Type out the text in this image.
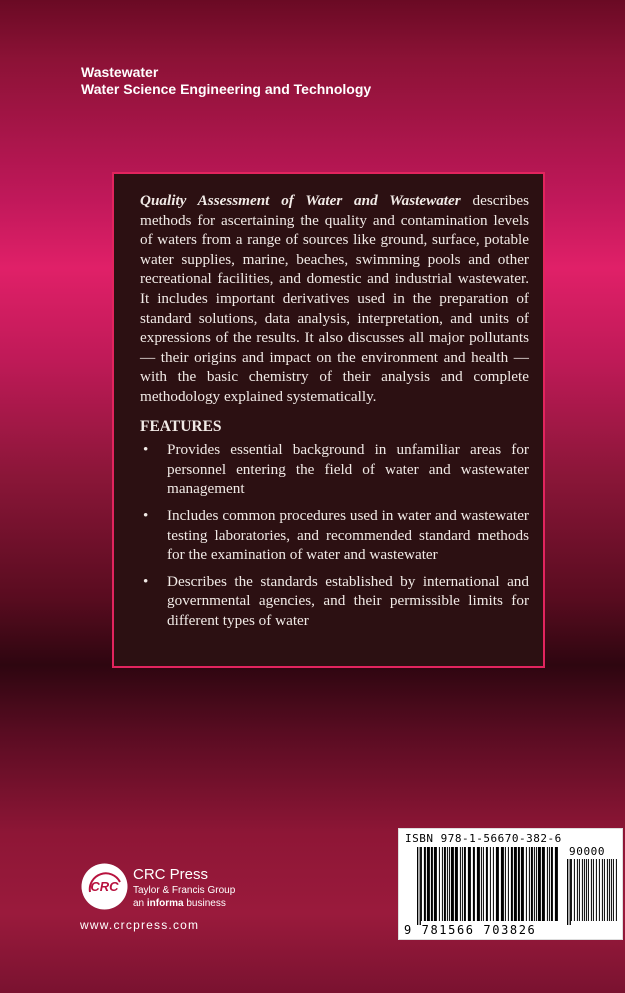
Wastewater
Water Science Engineering and Technology

Quality Assessment of Water and Wastewater describes methods for ascertaining the quality and contamination levels of waters from a range of sources like ground, surface, potable water supplies, marine, beaches, swimming pools and other recreational facilities, and domestic and industrial wastewater. It includes important derivatives used in the preparation of standard solutions, data analysis, interpretation, and units of expressions of the results. It also discusses all major pollutants — their origins and impact on the environment and health — with the basic chemistry of their analysis and complete methodology explained systematically.

FEATURES
• Provides essential background in unfamiliar areas for personnel entering the field of water and wastewater management
• Includes common procedures used in water and wastewater testing laboratories, and recommended standard methods for the examination of water and wastewater
• Describes the standards established by international and governmental agencies, and their permissible limits for different types of water
CRC
CRC Press
Taylor & Francis Group
an informa business
www.crcpress.com
ISBN 978-1-56670-382-6
90000
9 781566 703826
